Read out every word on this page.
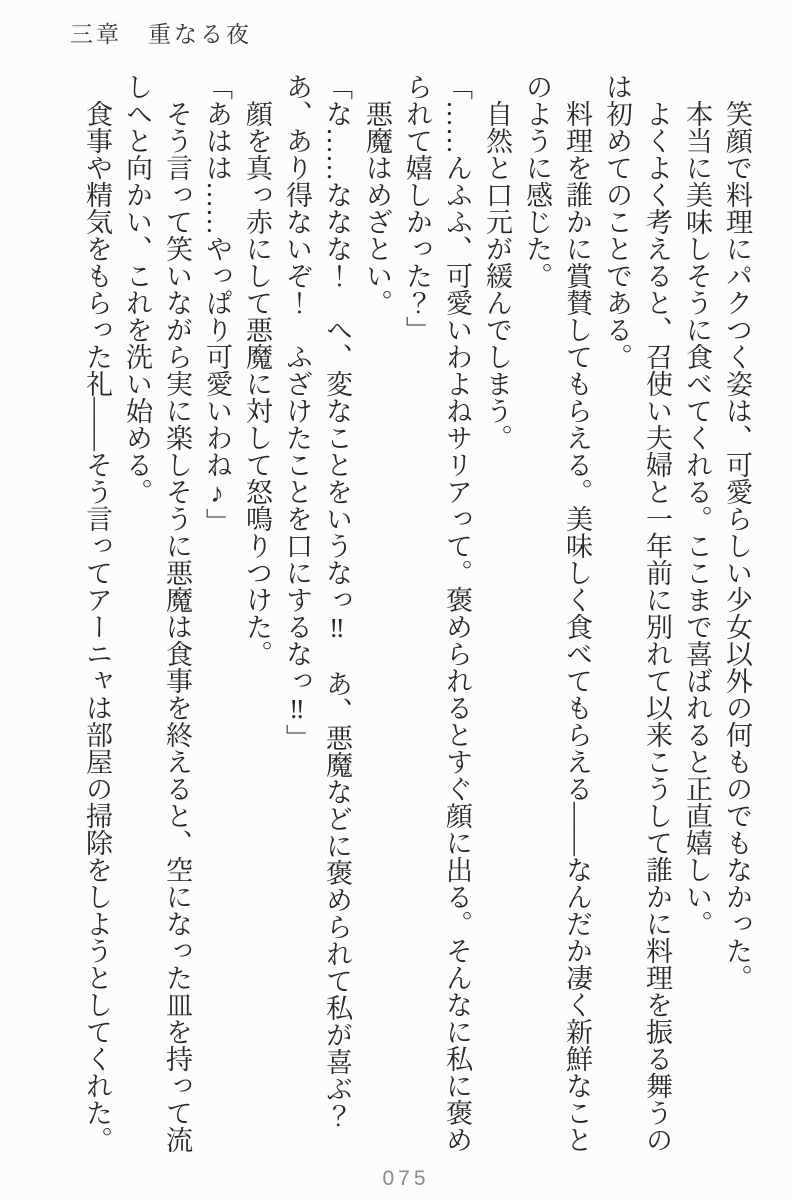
三章　重なる夜

笑顔で料理にパクつく姿は、可愛らしい少女以外の何ものでもなかった。

本当に美味しそうに食べてくれる。ここまで喜ばれると正直嬉しい。

よくよく考えると、召使い夫婦と一年前に別れて以来こうして誰かに料理を振る舞うのは初めてのことである。

料理を誰かに賞賛してもらえる。美味しく食べてもらえる——なんだか凄く新鮮なことのように感じた。

自然と口元が緩んでしまう。

「……んふふ、可愛いわよねサリアって。褒められるとすぐ顔に出る。そんなに私に褒められて嬉しかった？」

悪魔はめざとい。

「な……ななな！　へ、変なことをいうなっ‼　あ、悪魔などに褒められて私が喜ぶ？　あ、あり得ないぞ！　ふざけたことを口にするなっ‼」

顔を真っ赤にして悪魔に対して怒鳴りつけた。

「あはは……やっぱり可愛いわね♪」

そう言って笑いながら実に楽しそうに悪魔は食事を終えると、空になった皿を持って流しへと向かい、これを洗い始める。

食事や精気をもらった礼——そう言ってアーニャは部屋の掃除をしようとしてくれた。

075
